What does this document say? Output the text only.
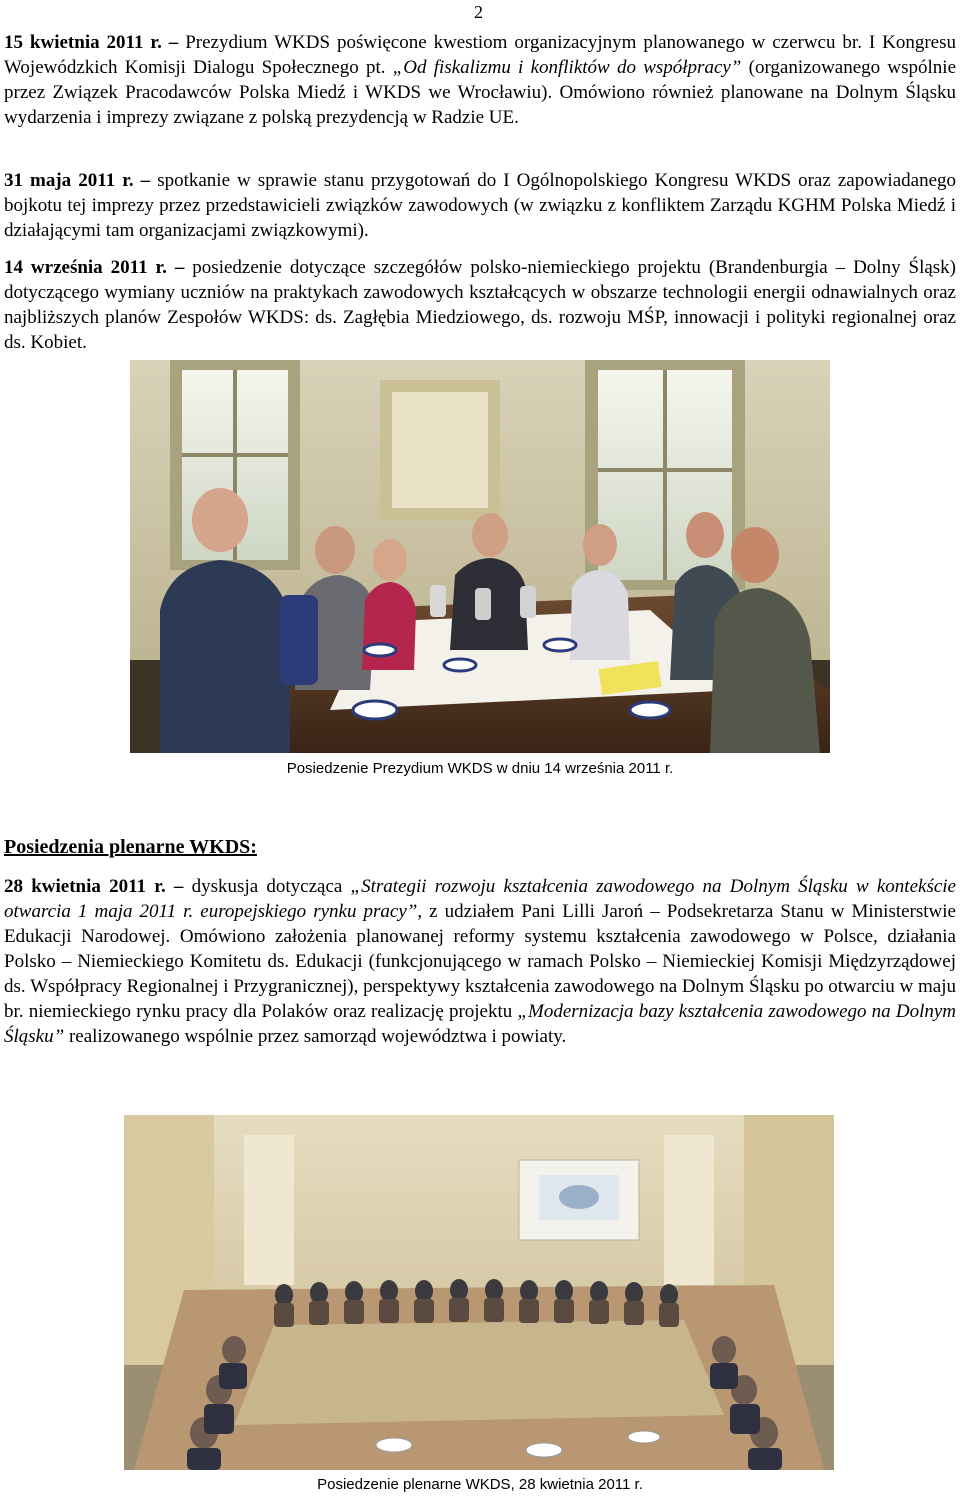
2
15 kwietnia 2011 r. – Prezydium WKDS poświęcone kwestiom organizacyjnym planowanego w czerwcu br. I Kongresu Wojewódzkich Komisji Dialogu Społecznego pt. „Od fiskalizmu i konfliktów do współpracy” (organizowanego wspólnie przez Związek Pracodawców Polska Miedź i WKDS we Wrocławiu). Omówiono również planowane na Dolnym Śląsku wydarzenia i imprezy związane z polską prezydencją w Radzie UE.
31 maja 2011 r. – spotkanie w sprawie stanu przygotowań do I Ogólnopolskiego Kongresu WKDS oraz zapowiadanego bojkotu tej imprezy przez przedstawicieli związków zawodowych (w związku z konfliktem Zarządu KGHM Polska Miedź i działającymi tam organizacjami związkowymi).
14 września 2011 r. – posiedzenie dotyczące szczegółów polsko-niemieckiego projektu (Brandenburgia – Dolny Śląsk) dotyczącego wymiany uczniów na praktykach zawodowych kształcących w obszarze technologii energii odnawialnych oraz najbliższych planów Zespołów WKDS: ds. Zagłębia Miedziowego, ds. rozwoju MŚP, innowacji i polityki regionalnej oraz ds. Kobiet.
Posiedzenie Prezydium WKDS w dniu 14 września 2011 r.
Posiedzenia plenarne WKDS:
28 kwietnia 2011 r. – dyskusja dotycząca „Strategii rozwoju kształcenia zawodowego na Dolnym Śląsku w kontekście otwarcia 1 maja 2011 r. europejskiego rynku pracy”, z udziałem Pani Lilli Jaroń – Podsekretarza Stanu w Ministerstwie Edukacji Narodowej. Omówiono założenia planowanej reformy systemu kształcenia zawodowego w Polsce, działania Polsko – Niemieckiego Komitetu ds. Edukacji (funkcjonującego w ramach Polsko – Niemieckiej Komisji Międzyrządowej ds. Współpracy Regionalnej i Przygranicznej), perspektywy kształcenia zawodowego na Dolnym Śląsku po otwarciu w maju br. niemieckiego rynku pracy dla Polaków oraz realizację projektu „Modernizacja bazy kształcenia zawodowego na Dolnym Śląsku” realizowanego wspólnie przez samorząd województwa i powiaty.
Posiedzenie plenarne WKDS, 28 kwietnia 2011 r.
